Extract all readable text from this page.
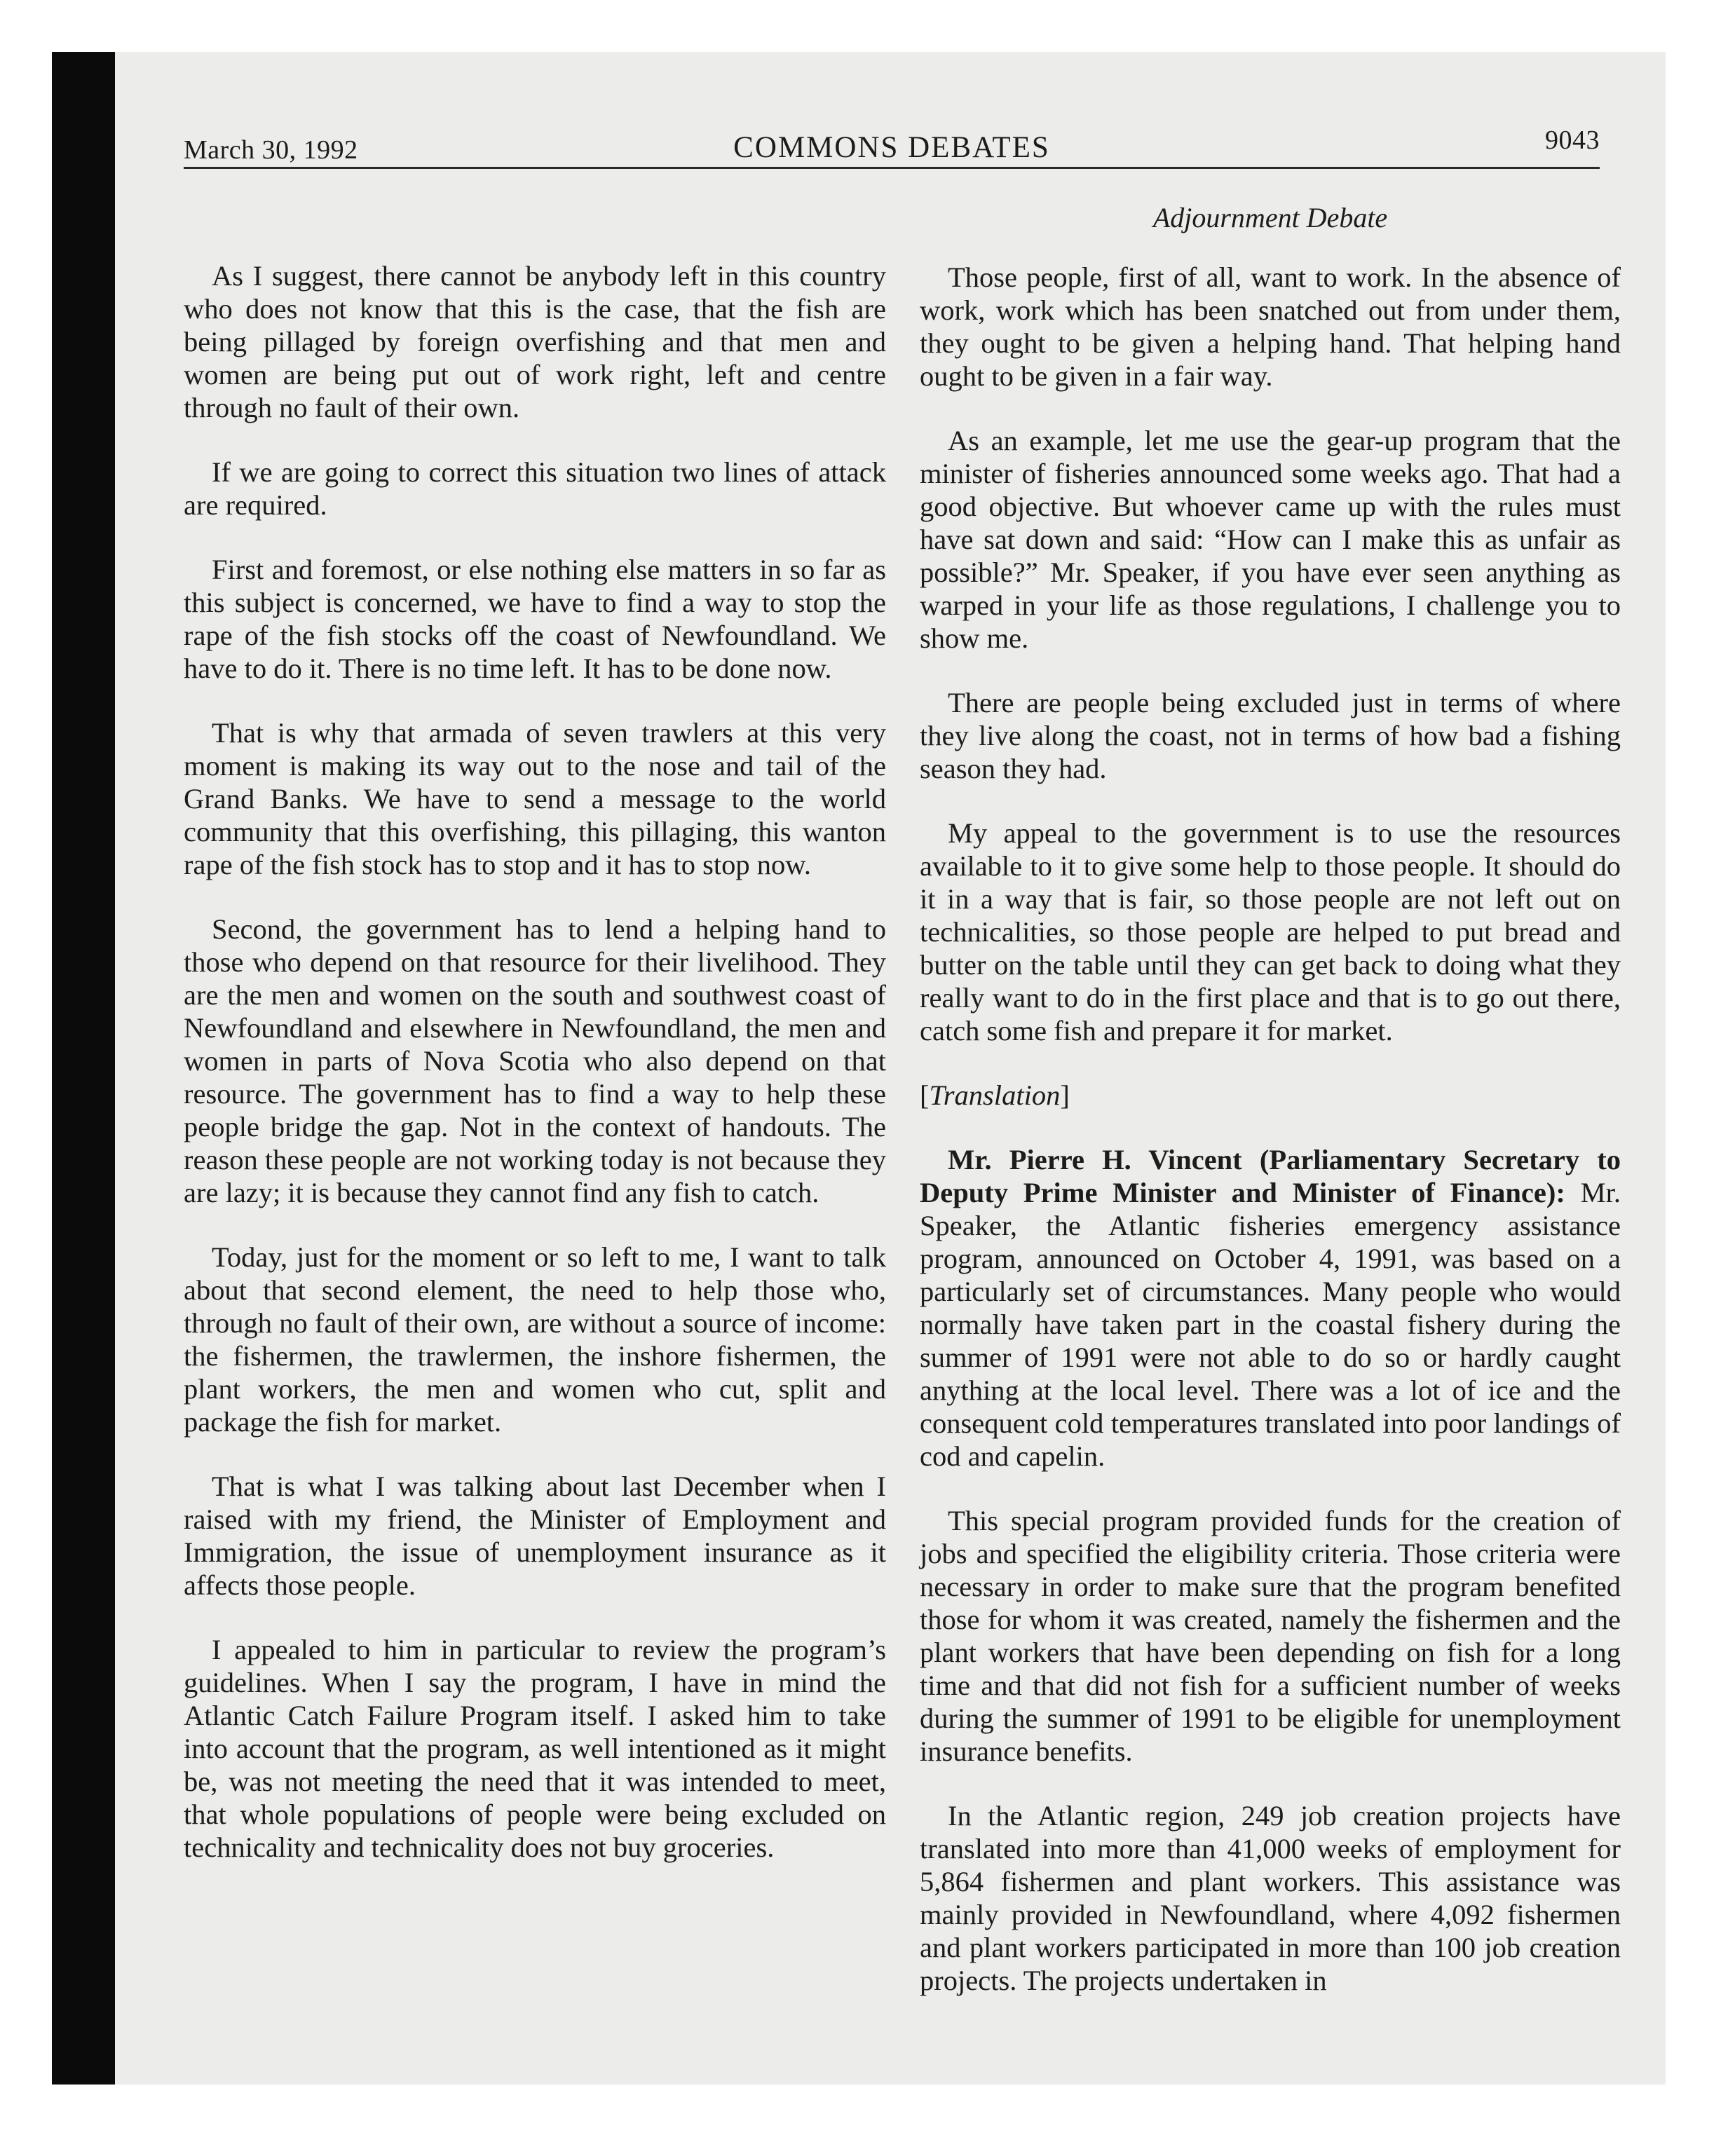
March 30, 1992	COMMONS DEBATES	9043

As I suggest, there cannot be anybody left in this country who does not know that this is the case, that the fish are being pillaged by foreign overfishing and that men and women are being put out of work right, left and centre through no fault of their own.

If we are going to correct this situation two lines of attack are required.

First and foremost, or else nothing else matters in so far as this subject is concerned, we have to find a way to stop the rape of the fish stocks off the coast of Newfoundland. We have to do it. There is no time left. It has to be done now.

That is why that armada of seven trawlers at this very moment is making its way out to the nose and tail of the Grand Banks. We have to send a message to the world community that this overfishing, this pillaging, this wanton rape of the fish stock has to stop and it has to stop now.

Second, the government has to lend a helping hand to those who depend on that resource for their livelihood. They are the men and women on the south and southwest coast of Newfoundland and elsewhere in Newfoundland, the men and women in parts of Nova Scotia who also depend on that resource. The government has to find a way to help these people bridge the gap. Not in the context of handouts. The reason these people are not working today is not because they are lazy; it is because they cannot find any fish to catch.

Today, just for the moment or so left to me, I want to talk about that second element, the need to help those who, through no fault of their own, are without a source of income: the fishermen, the trawlermen, the inshore fishermen, the plant workers, the men and women who cut, split and package the fish for market.

That is what I was talking about last December when I raised with my friend, the Minister of Employment and Immigration, the issue of unemployment insurance as it affects those people.

I appealed to him in particular to review the program’s guidelines. When I say the program, I have in mind the Atlantic Catch Failure Program itself. I asked him to take into account that the program, as well intentioned as it might be, was not meeting the need that it was intended to meet, that whole populations of people were being excluded on technicality and technicality does not buy groceries.

Adjournment Debate

Those people, first of all, want to work. In the absence of work, work which has been snatched out from under them, they ought to be given a helping hand. That helping hand ought to be given in a fair way.

As an example, let me use the gear-up program that the minister of fisheries announced some weeks ago. That had a good objective. But whoever came up with the rules must have sat down and said: “How can I make this as unfair as possible?” Mr. Speaker, if you have ever seen anything as warped in your life as those regulations, I challenge you to show me.

There are people being excluded just in terms of where they live along the coast, not in terms of how bad a fishing season they had.

My appeal to the government is to use the resources available to it to give some help to those people. It should do it in a way that is fair, so those people are not left out on technicalities, so those people are helped to put bread and butter on the table until they can get back to doing what they really want to do in the first place and that is to go out there, catch some fish and prepare it for market.

[Translation]

Mr. Pierre H. Vincent (Parliamentary Secretary to Deputy Prime Minister and Minister of Finance): Mr. Speaker, the Atlantic fisheries emergency assistance program, announced on October 4, 1991, was based on a particularly set of circumstances. Many people who would normally have taken part in the coastal fishery during the summer of 1991 were not able to do so or hardly caught anything at the local level. There was a lot of ice and the consequent cold temperatures translated into poor landings of cod and capelin.

This special program provided funds for the creation of jobs and specified the eligibility criteria. Those criteria were necessary in order to make sure that the program benefited those for whom it was created, namely the fishermen and the plant workers that have been depending on fish for a long time and that did not fish for a sufficient number of weeks during the summer of 1991 to be eligible for unemployment insurance benefits.

In the Atlantic region, 249 job creation projects have translated into more than 41,000 weeks of employment for 5,864 fishermen and plant workers. This assistance was mainly provided in Newfoundland, where 4,092 fishermen and plant workers participated in more than 100 job creation projects. The projects undertaken in
